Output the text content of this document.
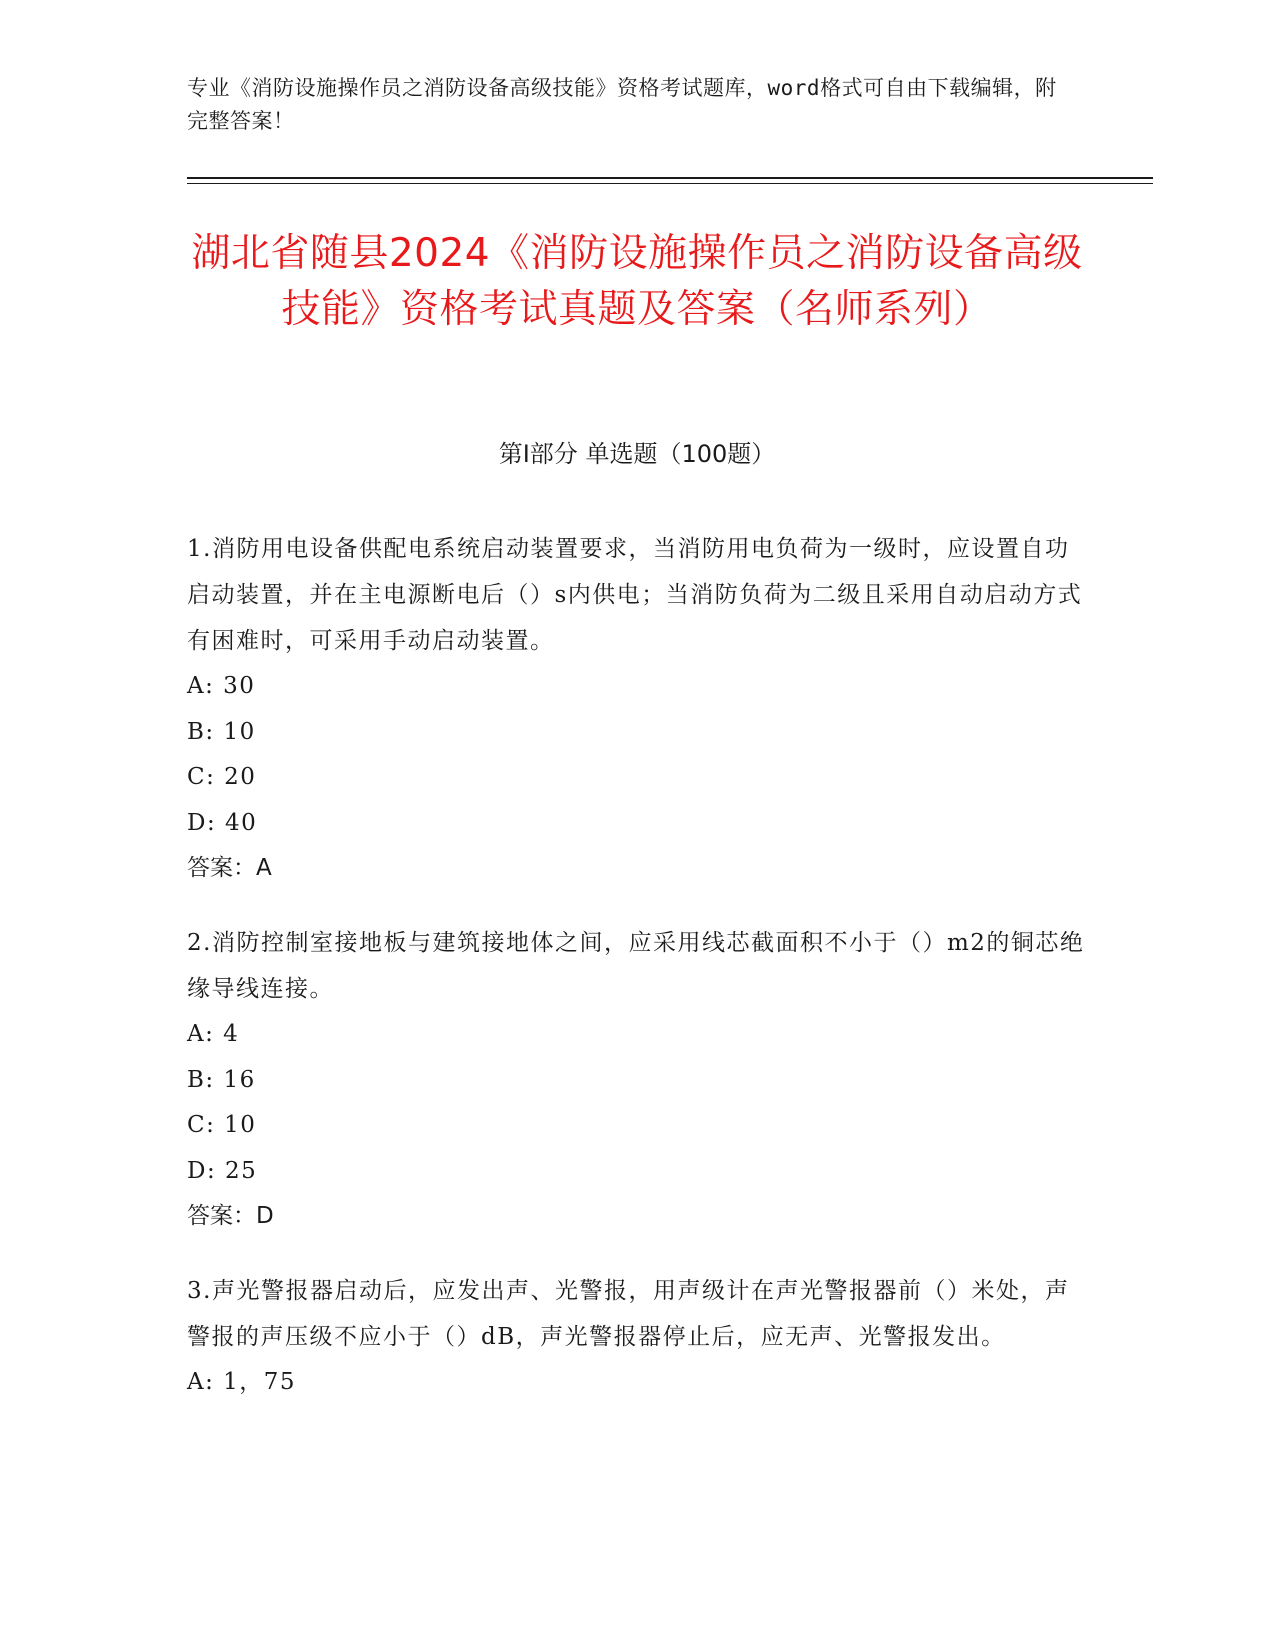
专业《消防设施操作员之消防设备高级技能》资格考试题库，word格式可自由下载编辑，附完整答案！
湖北省随县2024《消防设施操作员之消防设备高级技能》资格考试真题及答案（名师系列）
第Ⅰ部分 单选题（100题）

1.消防用电设备供配电系统启动装置要求，当消防用电负荷为一级时，应设置自功启动装置，并在主电源断电后（）s内供电；当消防负荷为二级且采用自动启动方式有困难时，可采用手动启动装置。

A: 30

B: 10

C: 20

D: 40

答案：A

2.消防控制室接地板与建筑接地体之间，应采用线芯截面积不小于（）m2的铜芯绝缘导线连接。

A: 4

B: 16

C: 10

D: 25

答案：D

3.声光警报器启动后，应发出声、光警报，用声级计在声光警报器前（）米处，声警报的声压级不应小于（）dB，声光警报器停止后，应无声、光警报发出。

A: 1，75
